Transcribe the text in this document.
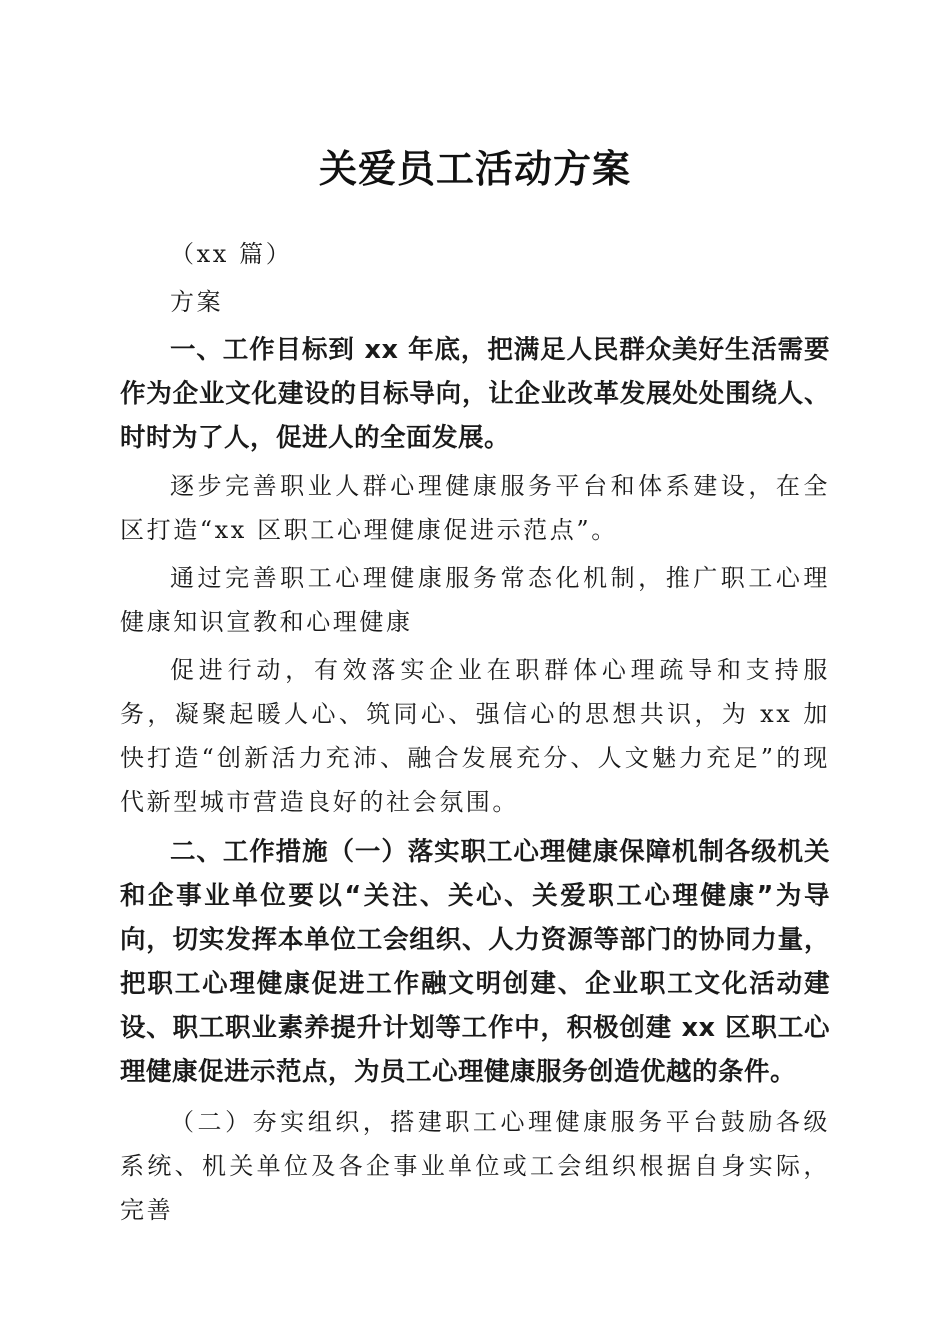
关爱员工活动方案

（xx 篇）

方案

一、工作目标到 xx 年底，把满足人民群众美好生活需要作为企业文化建设的目标导向，让企业改革发展处处围绕人、时时为了人，促进人的全面发展。

逐步完善职业人群心理健康服务平台和体系建设，在全区打造“xx 区职工心理健康促进示范点”。

通过完善职工心理健康服务常态化机制，推广职工心理健康知识宣教和心理健康

促进行动，有效落实企业在职群体心理疏导和支持服务，凝聚起暖人心、筑同心、强信心的思想共识，为 xx 加快打造“创新活力充沛、融合发展充分、人文魅力充足”的现代新型城市营造良好的社会氛围。

二、工作措施（一）落实职工心理健康保障机制各级机关和企事业单位要以“关注、关心、关爱职工心理健康”为导向，切实发挥本单位工会组织、人力资源等部门的协同力量，把职工心理健康促进工作融文明创建、企业职工文化活动建设、职工职业素养提升计划等工作中，积极创建 xx 区职工心理健康促进示范点，为员工心理健康服务创造优越的条件。

（二）夯实组织，搭建职工心理健康服务平台鼓励各级系统、机关单位及各企事业单位或工会组织根据自身实际，完善
